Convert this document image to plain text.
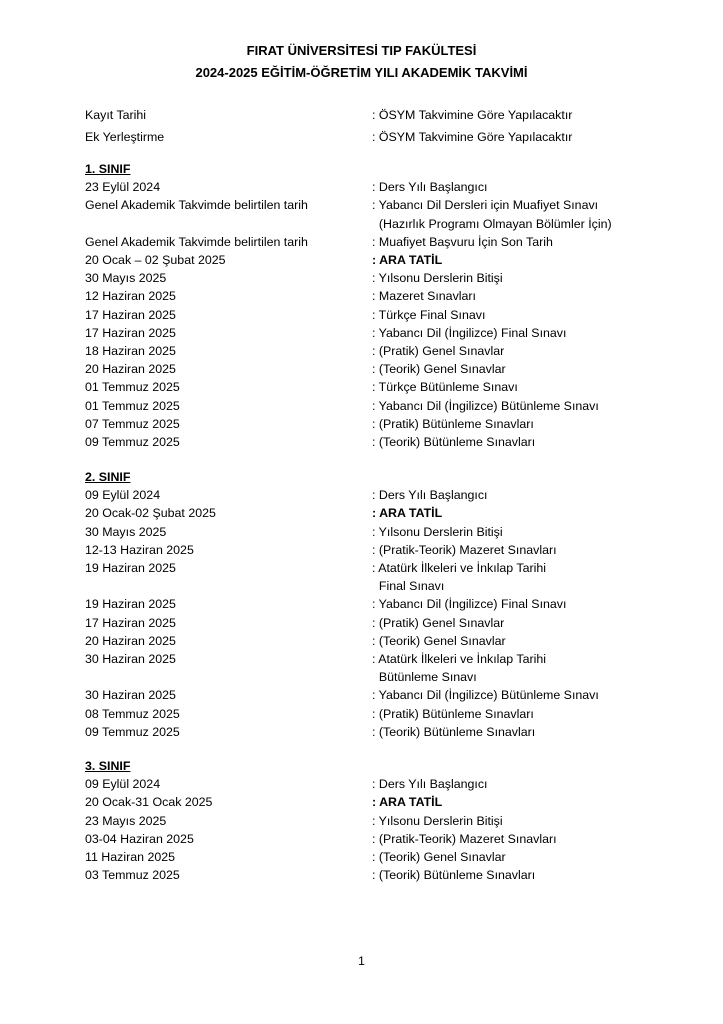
FIRAT ÜNİVERSİTESİ TIP FAKÜLTESİ
2024-2025 EĞİTİM-ÖĞRETİM YILI AKADEMİK TAKVİMİ
Kayıt Tarihi	: ÖSYM Takvimine Göre Yapılacaktır
Ek Yerleştirme	: ÖSYM Takvimine Göre Yapılacaktır
1. SINIF
23 Eylül 2024	: Ders Yılı Başlangıcı
Genel Akademik Takvimde belirtilen tarih	: Yabancı Dil Dersleri için Muafiyet Sınavı
(Hazırlık Programı Olmayan Bölümler İçin)
Genel Akademik Takvimde belirtilen tarih	: Muafiyet Başvuru İçin Son Tarih
20 Ocak – 02 Şubat 2025	: ARA TATİL
30 Mayıs 2025	: Yılsonu Derslerin Bitişi
12 Haziran 2025	: Mazeret Sınavları
17 Haziran 2025	: Türkçe Final Sınavı
17 Haziran 2025	: Yabancı Dil (İngilizce) Final Sınavı
18 Haziran 2025	: (Pratik) Genel Sınavlar
20 Haziran 2025	: (Teorik) Genel Sınavlar
01 Temmuz 2025	: Türkçe Bütünleme Sınavı
01 Temmuz 2025	: Yabancı Dil (İngilizce) Bütünleme Sınavı
07 Temmuz 2025	: (Pratik) Bütünleme Sınavları
09 Temmuz 2025	: (Teorik) Bütünleme Sınavları
2. SINIF
09 Eylül 2024	: Ders Yılı Başlangıcı
20 Ocak-02 Şubat 2025	: ARA TATİL
30 Mayıs 2025	: Yılsonu Derslerin Bitişi
12-13 Haziran 2025	: (Pratik-Teorik) Mazeret Sınavları
19 Haziran 2025	: Atatürk İlkeleri ve İnkılap Tarihi
Final Sınavı
19 Haziran 2025	: Yabancı Dil (İngilizce) Final Sınavı
17 Haziran 2025	: (Pratik) Genel Sınavlar
20 Haziran 2025	: (Teorik) Genel Sınavlar
30 Haziran 2025	: Atatürk İlkeleri ve İnkılap Tarihi
Bütünleme Sınavı
30 Haziran 2025	: Yabancı Dil (İngilizce) Bütünleme Sınavı
08 Temmuz 2025	: (Pratik) Bütünleme Sınavları
09 Temmuz 2025	: (Teorik) Bütünleme Sınavları
3. SINIF
09 Eylül 2024	: Ders Yılı Başlangıcı
20 Ocak-31 Ocak 2025	: ARA TATİL
23 Mayıs 2025	: Yılsonu Derslerin Bitişi
03-04 Haziran 2025	: (Pratik-Teorik) Mazeret Sınavları
11 Haziran 2025	: (Teorik) Genel Sınavlar
03 Temmuz 2025	: (Teorik) Bütünleme Sınavları
1
